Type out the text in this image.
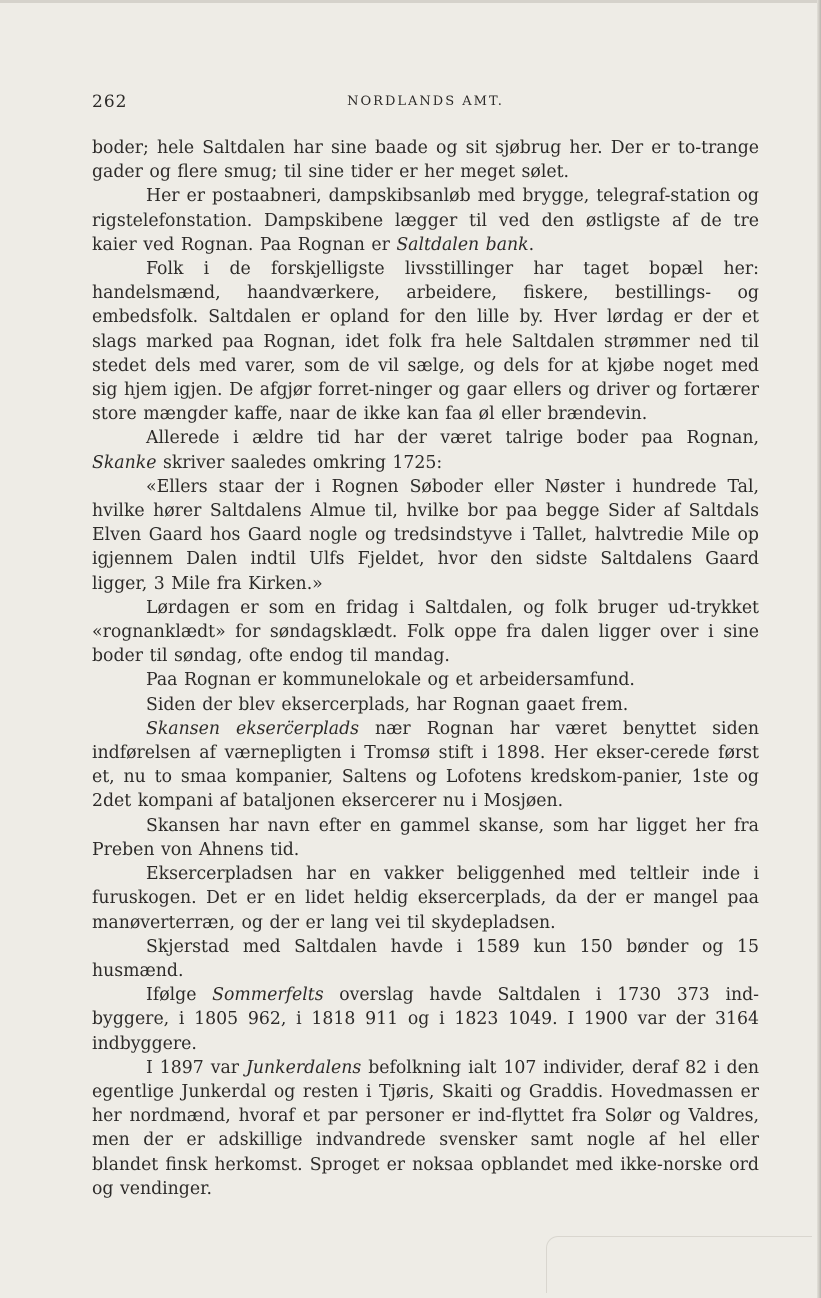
262	NORDLANDS AMT.

boder; hele Saltdalen har sine baade og sit sjøbrug her. Der er to-trange gader og flere smug; til sine tider er her meget sølet.

Her er postaabneri, dampskibsanløb med brygge, telegraf-station og rigstelefonstation. Dampskibene lægger til ved den østligste af de tre kaier ved Rognan. Paa Rognan er Saltdalen bank.

Folk i de forskjelligste livsstillinger har taget bopæl her: handelsmænd, haandværkere, arbeidere, fiskere, bestillings- og embedsfolk. Saltdalen er opland for den lille by. Hver lørdag er der et slags marked paa Rognan, idet folk fra hele Saltdalen strømmer ned til stedet dels med varer, som de vil sælge, og dels for at kjøbe noget med sig hjem igjen. De afgjør forret-ninger og gaar ellers og driver og fortærer store mængder kaffe, naar de ikke kan faa øl eller brændevin.

Allerede i ældre tid har der været talrige boder paa Rognan, Skanke skriver saaledes omkring 1725:

«Ellers staar der i Rognen Søboder eller Nøster i hundrede Tal, hvilke hører Saltdalens Almue til, hvilke bor paa begge Sider af Saltdals Elven Gaard hos Gaard nogle og tredsindstyve i Tallet, halvtredie Mile op igjennem Dalen indtil Ulfs Fjeldet, hvor den sidste Saltdalens Gaard ligger, 3 Mile fra Kirken.»

Lørdagen er som en fridag i Saltdalen, og folk bruger ud-trykket «rognanklædt» for søndagsklædt. Folk oppe fra dalen ligger over i sine boder til søndag, ofte endog til mandag.

Paa Rognan er kommunelokale og et arbeidersamfund.

Siden der blev eksercerplads, har Rognan gaaet frem.

Skansen ekserc̈erplads nær Rognan har været benyttet siden indførelsen af værnepligten i Tromsø stift i 1898. Her ekser-cerede først et, nu to smaa kompanier, Saltens og Lofotens kredskom-panier, 1ste og 2det kompani af bataljonen eksercerer nu i Mosjøen.

Skansen har navn efter en gammel skanse, som har ligget her fra Preben von Ahnens tid.

Eksercerpladsen har en vakker beliggenhed med teltleir inde i furuskogen. Det er en lidet heldig eksercerplads, da der er mangel paa manøverterræn, og der er lang vei til skydepladsen.

Skjerstad med Saltdalen havde i 1589 kun 150 bønder og 15 husmænd.

Ifølge Sommerfelts overslag havde Saltdalen i 1730 373 ind-byggere, i 1805 962, i 1818 911 og i 1823 1049. I 1900 var der 3164 indbyggere.

I 1897 var Junkerdalens befolkning ialt 107 individer, deraf 82 i den egentlige Junkerdal og resten i Tjøris, Skaiti og Graddis. Hovedmassen er her nordmænd, hvoraf et par personer er ind-flyttet fra Solør og Valdres, men der er adskillige indvandrede svensker samt nogle af hel eller blandet finsk herkomst. Sproget er noksaa opblandet med ikke-norske ord og vendinger.
